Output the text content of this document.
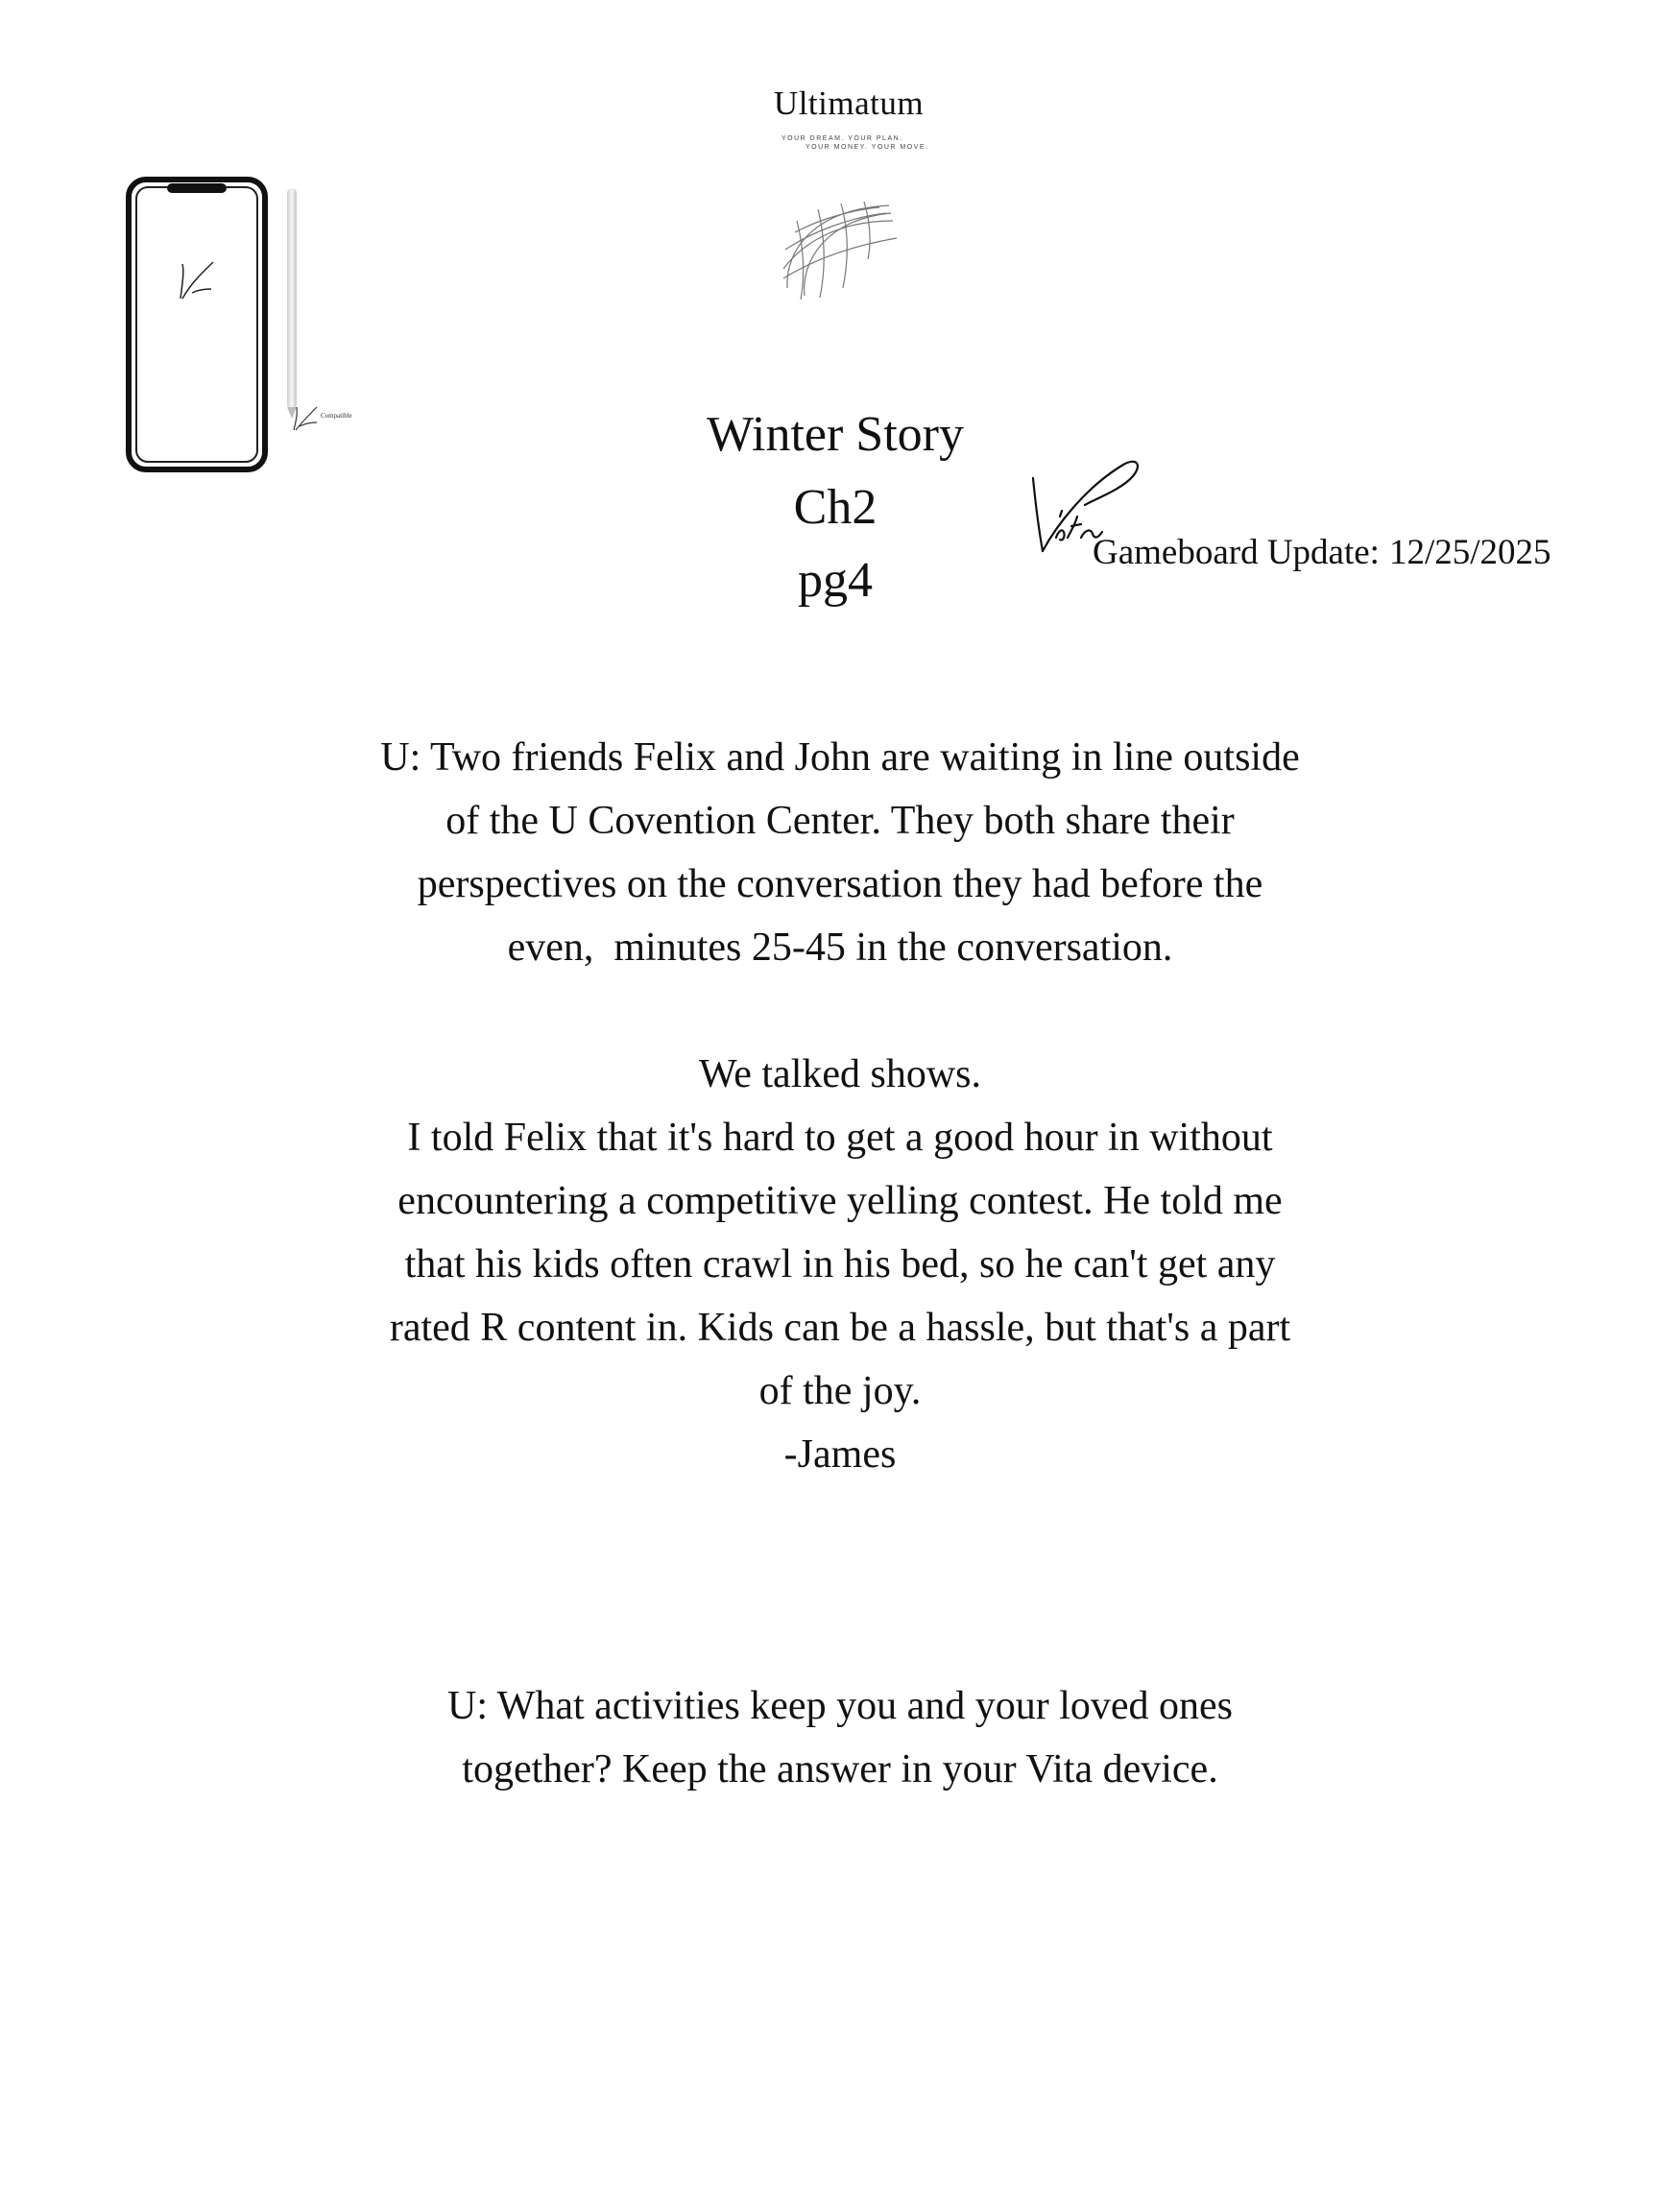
Ultimatum
YOUR DREAM. YOUR PLAN.
YOUR MONEY. YOUR MOVE.
Compatible	Winter Story
Ch2
pg4
Gameboard Update: 12/25/2025
U: Two friends Felix and John are waiting in line outside
of the U Covention Center. They both share their
perspectives on the conversation they had before the
even,  minutes 25-45 in the conversation.
We talked shows.
I told Felix that it's hard to get a good hour in without
encountering a competitive yelling contest. He told me
that his kids often crawl in his bed, so he can't get any
rated R content in. Kids can be a hassle, but that's a part
of the joy.
-James
U: What activities keep you and your loved ones
together? Keep the answer in your Vita device.
